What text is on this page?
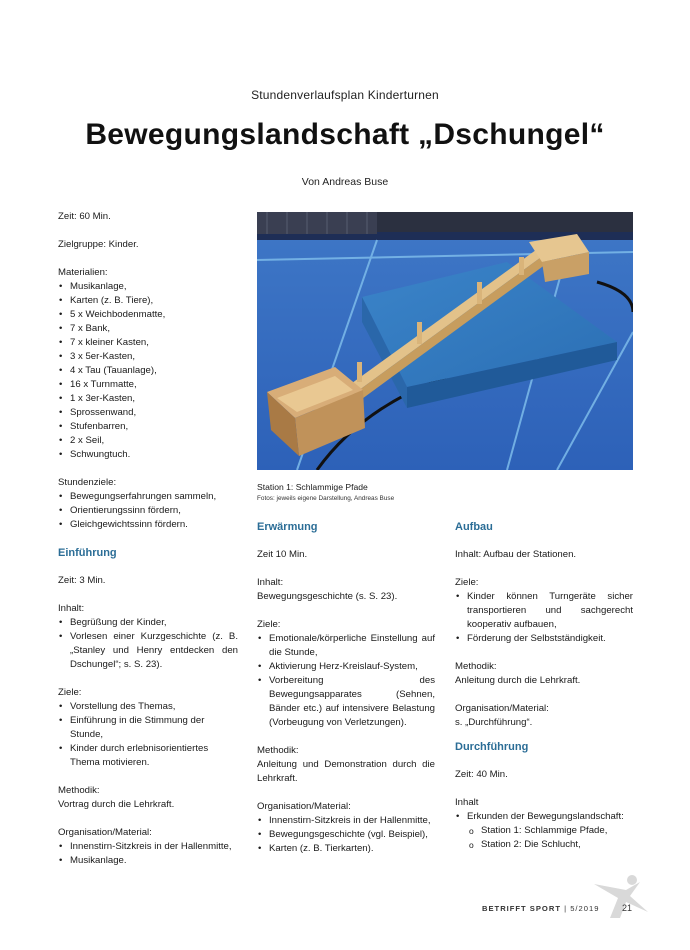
Stundenverlaufsplan Kinderturnen
Bewegungslandschaft „Dschungel“
Von Andreas Buse

Zeit: 60 Min.

Zielgruppe: Kinder.

Materialien:

• Musikanlage,
• Karten (z. B. Tiere),
• 5 x Weichbodenmatte,
• 7 x Bank,
• 7 x kleiner Kasten,
• 3 x 5er-Kasten,
• 4 x Tau (Tauanlage),
• 16 x Turnmatte,
• 1 x 3er-Kasten,
• Sprossenwand,
• Stufenbarren,
• 2 x Seil,
• Schwungtuch.

Stundenziele:

• Bewegungserfahrungen sammeln,
• Orientierungssinn fördern,
• Gleichgewichtssinn fördern.

Einführung

Zeit: 3 Min.

Inhalt:

• Begrüßung der Kinder,
• Vorlesen einer Kurzgeschichte (z. B. „Stanley und Henry entdecken den Dschungel“; s. S. 23).

Ziele:

• Vorstellung des Themas,
• Einführung in die Stimmung der Stunde,
• Kinder durch erlebnisorientiertes Thema motivieren.

Methodik:

Vortrag durch die Lehrkraft.

Organisation/Material:

• Innenstirn-Sitzkreis in der Hallenmitte,
• Musikanlage.
Station 1: Schlammige Pfade
Fotos: jeweils eigene Darstellung, Andreas Buse

Erwärmung

Zeit 10 Min.

Inhalt:

Bewegungsgeschichte (s. S. 23).

Ziele:

• Emotionale/körperliche Einstellung auf die Stunde,
• Aktivierung Herz-Kreislauf-System,
• Vorbereitung des Bewegungsapparates (Sehnen, Bänder etc.) auf intensivere Belastung (Vorbeugung von Verletzungen).

Methodik:

Anleitung und Demonstration durch die Lehrkraft.

Organisation/Material:

• Innenstirn-Sitzkreis in der Hallenmitte,
• Bewegungsgeschichte (vgl. Beispiel),
• Karten (z. B. Tierkarten).

Aufbau

Inhalt: Aufbau der Stationen.

Ziele:

• Kinder können Turngeräte sicher transportieren und sachgerecht kooperativ aufbauen,
• Förderung der Selbstständigkeit.

Methodik:

Anleitung durch die Lehrkraft.

Organisation/Material:

s. „Durchführung“.

Durchführung

Zeit: 40 Min.

Inhalt

• Erkunden der Bewegungslandschaft:
o Station 1: Schlammige Pfade,
o Station 2: Die Schlucht,
BETRIFFT SPORT | 5/2019	21
